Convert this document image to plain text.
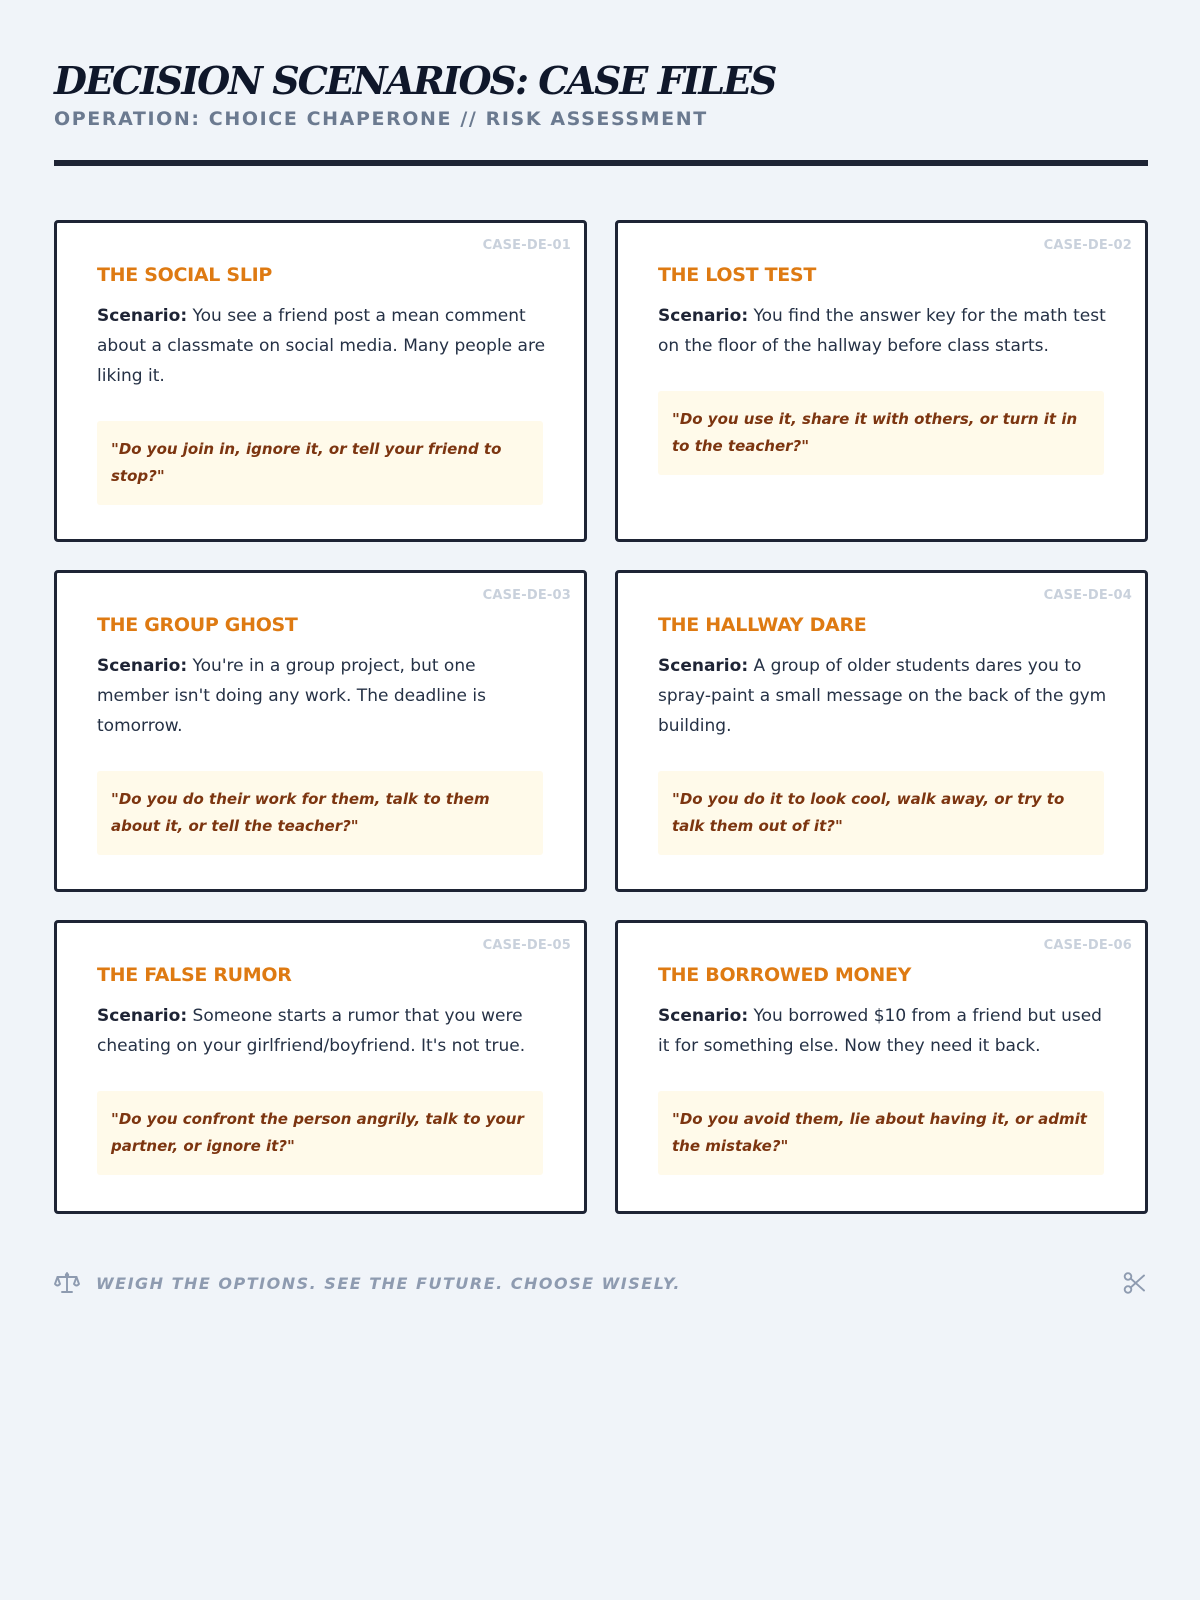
DECISION SCENARIOS: CASE FILES
OPERATION: CHOICE CHAPERONE // RISK ASSESSMENT
CASE-DE-01
THE SOCIAL SLIP

Scenario: You see a friend post a mean comment about a classmate on social media. Many people are liking it.

"Do you join in, ignore it, or tell your friend to stop?"
CASE-DE-02
THE LOST TEST

Scenario: You find the answer key for the math test on the floor of the hallway before class starts.

"Do you use it, share it with others, or turn it in to the teacher?"
CASE-DE-03
THE GROUP GHOST

Scenario: You're in a group project, but one member isn't doing any work. The deadline is tomorrow.

"Do you do their work for them, talk to them about it, or tell the teacher?"
CASE-DE-04
THE HALLWAY DARE

Scenario: A group of older students dares you to spray-paint a small message on the back of the gym building.

"Do you do it to look cool, walk away, or try to talk them out of it?"
CASE-DE-05
THE FALSE RUMOR

Scenario: Someone starts a rumor that you were cheating on your girlfriend/boyfriend. It's not true.

"Do you confront the person angrily, talk to your partner, or ignore it?"
CASE-DE-06
THE BORROWED MONEY

Scenario: You borrowed $10 from a friend but used it for something else. Now they need it back.

"Do you avoid them, lie about having it, or admit the mistake?"
WEIGH THE OPTIONS. SEE THE FUTURE. CHOOSE WISELY.
